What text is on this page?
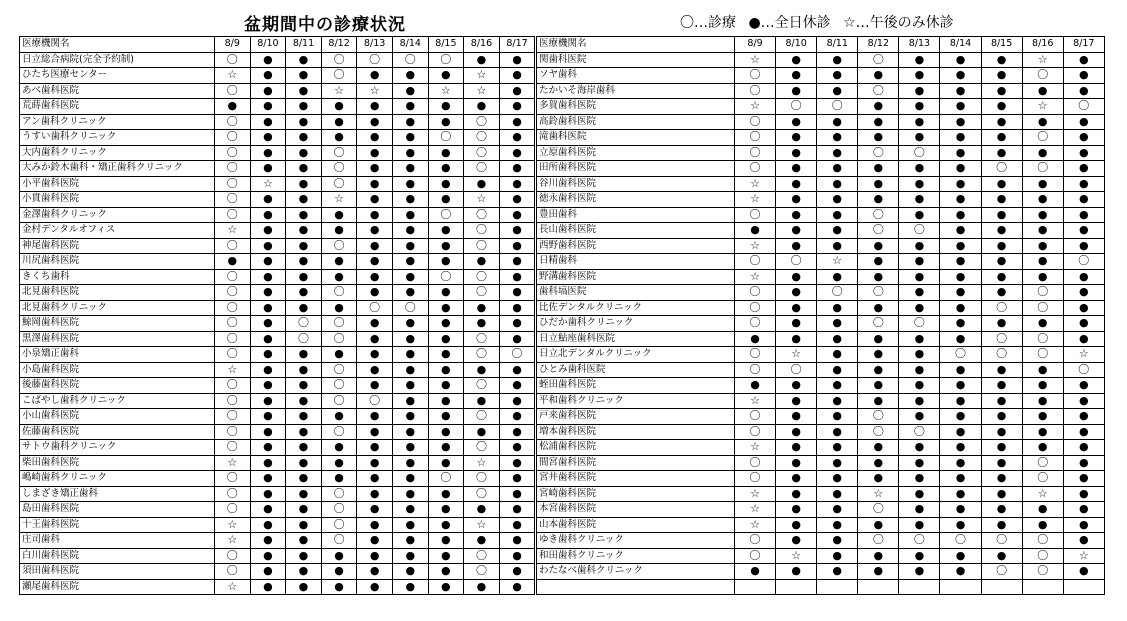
盆期間中の診療状況	〇…診療 ●…全日休診 ☆…午後のみ休診
医療機関名	8/9	8/10	8/11	8/12	8/13	8/14	8/15	8/16	8/17
日立総合病院(完全予約制)	〇	●	●	〇	〇	〇	〇	●	●
ひたち医療センター	☆	●	●	〇	●	●	●	☆	●
あべ歯科医院	〇	●	●	☆	☆	●	☆	☆	●
荒蒔歯科医院	●	●	●	●	●	●	●	●	●
アン歯科クリニック	〇	●	●	●	●	●	●	〇	●
うすい歯科クリニック	〇	●	●	●	●	●	〇	〇	●
大内歯科クリニック	〇	●	●	〇	●	●	●	〇	●
大みか鈴木歯科・矯正歯科クリニック	〇	●	●	〇	●	●	●	〇	●
小平歯科医院	〇	☆	●	〇	●	●	●	●	●
小貫歯科医院	〇	●	●	☆	●	●	●	☆	●
金澤歯科クリニック	〇	●	●	●	●	●	〇	〇	●
金村デンタルオフィス	☆	●	●	●	●	●	●	〇	●
神尾歯科医院	〇	●	●	〇	●	●	●	〇	●
川尻歯科医院	●	●	●	●	●	●	●	●	●
きくち歯科	〇	●	●	●	●	●	〇	〇	●
北見歯科医院	〇	●	●	〇	●	●	●	〇	●
北見歯科クリニック	〇	●	●	●	〇	〇	●	●	●
鯨岡歯科医院	〇	●	〇	〇	●	●	●	●	●
黒澤歯科医院	〇	●	〇	〇	●	●	●	〇	●
小泉矯正歯科	〇	●	●	●	●	●	●	〇	〇
小島歯科医院	☆	●	●	〇	●	●	●	●	●
後藤歯科医院	〇	●	●	〇	●	●	●	〇	●
こばやし歯科クリニック	〇	●	●	〇	〇	●	●	●	●
小山歯科医院	〇	●	●	●	●	●	●	〇	●
佐藤歯科医院	〇	●	●	〇	●	●	●	●	●
サトウ歯科クリニック	〇	●	●	●	●	●	●	〇	●
柴田歯科医院	☆	●	●	●	●	●	●	☆	●
嶋崎歯科クリニック	〇	●	●	●	●	●	〇	〇	●
しまざき矯正歯科	〇	●	●	〇	●	●	●	〇	●
島田歯科医院	〇	●	●	〇	●	●	●	●	●
十王歯科医院	☆	●	●	〇	●	●	●	☆	●
庄司歯科	☆	●	●	〇	●	●	●	●	●
白川歯科医院	〇	●	●	●	●	●	●	〇	●
須田歯科医院	〇	●	●	●	●	●	●	〇	●
瀬尾歯科医院	☆	●	●	●	●	●	●	●	●
医療機関名	8/9	8/10	8/11	8/12	8/13	8/14	8/15	8/16	8/17
関歯科医院	☆	●	●	〇	●	●	●	☆	●
ソヤ歯科	〇	●	●	●	●	●	●	〇	●
たかいそ海岸歯科	〇	●	●	〇	●	●	●	●	●
多賀歯科医院	☆	〇	〇	●	●	●	●	☆	〇
高鈴歯科医院	〇	●	●	●	●	●	●	●	●
滝歯科医院	〇	●	●	●	●	●	●	〇	●
立原歯科医院	〇	●	●	〇	〇	●	●	●	●
田所歯科医院	〇	●	●	●	●	●	〇	〇	●
谷川歯科医院	☆	●	●	●	●	●	●	●	●
徳永歯科医院	☆	●	●	●	●	●	●	●	●
豊田歯科	〇	●	●	〇	●	●	●	●	●
長山歯科医院	●	●	●	〇	〇	●	●	●	●
西野歯科医院	☆	●	●	●	●	●	●	●	●
日精歯科	〇	〇	☆	●	●	●	●	●	〇
野溝歯科医院	☆	●	●	●	●	●	●	●	●
歯科塙医院	〇	●	〇	〇	●	●	●	〇	●
比佐デンタルクリニック	〇	●	●	●	●	●	〇	〇	●
ひだか歯科クリニック	〇	●	●	〇	〇	●	●	●	●
日立鮎座歯科医院	●	●	●	●	●	●	〇	〇	●
日立北デンタルクリニック	〇	☆	●	●	●	〇	〇	〇	☆
ひとみ歯科医院	〇	〇	●	●	●	●	●	●	〇
蛭田歯科医院	●	●	●	●	●	●	●	●	●
平和歯科クリニック	☆	●	●	●	●	●	●	●	●
戸来歯科医院	〇	●	●	〇	●	●	●	●	●
増本歯科医院	〇	●	●	〇	〇	●	●	●	●
松浦歯科医院	☆	●	●	●	●	●	●	●	●
間宮歯科医院	〇	●	●	●	●	●	●	〇	●
宮井歯科医院	〇	●	●	●	●	●	●	〇	●
宮崎歯科医院	☆	●	●	☆	●	●	●	☆	●
本宮歯科医院	☆	●	●	〇	●	●	●	●	●
山本歯科医院	☆	●	●	●	●	●	●	●	●
ゆき歯科クリニック	〇	●	●	〇	〇	〇	〇	〇	●
和田歯科クリニック	〇	☆	●	●	●	●	●	〇	☆
わたなべ歯科クリニック	●	●	●	●	●	●	〇	〇	●
